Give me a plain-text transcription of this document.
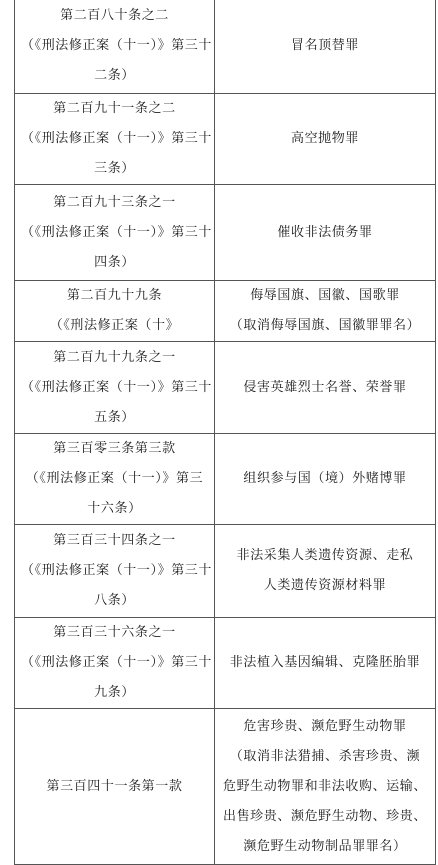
第二百八十条之二
（《刑法修正案（十一）》第三十
二条）	冒名顶替罪

第二百九十一条之二
（《刑法修正案（十一）》第三十
三条）	高空抛物罪

第二百九十三条之一
（《刑法修正案（十一）》第三十
四条）	催收非法债务罪

第二百九十九条
（《刑法修正案（十》	侮辱国旗、国徽、国歌罪
（取消侮辱国旗、国徽罪罪名）

第二百九十九条之一
（《刑法修正案（十一）》第三十
五条）	侵害英雄烈士名誉、荣誉罪

第三百零三条第三款
（《刑法修正案（十一）》第三
十六条）	组织参与国（境）外赌博罪

第三百三十四条之一
（《刑法修正案（十一）》第三十
八条）	非法采集人类遗传资源、走私
人类遗传资源材料罪

第三百三十六条之一
（《刑法修正案（十一）》第三十
九条）	非法植入基因编辑、克隆胚胎罪

第三百四十一条第一款	危害珍贵、濒危野生动物罪
（取消非法猎捕、杀害珍贵、濒
危野生动物罪和非法收购、运输、
出售珍贵、濒危野生动物、珍贵、
濒危野生动物制品罪罪名）
